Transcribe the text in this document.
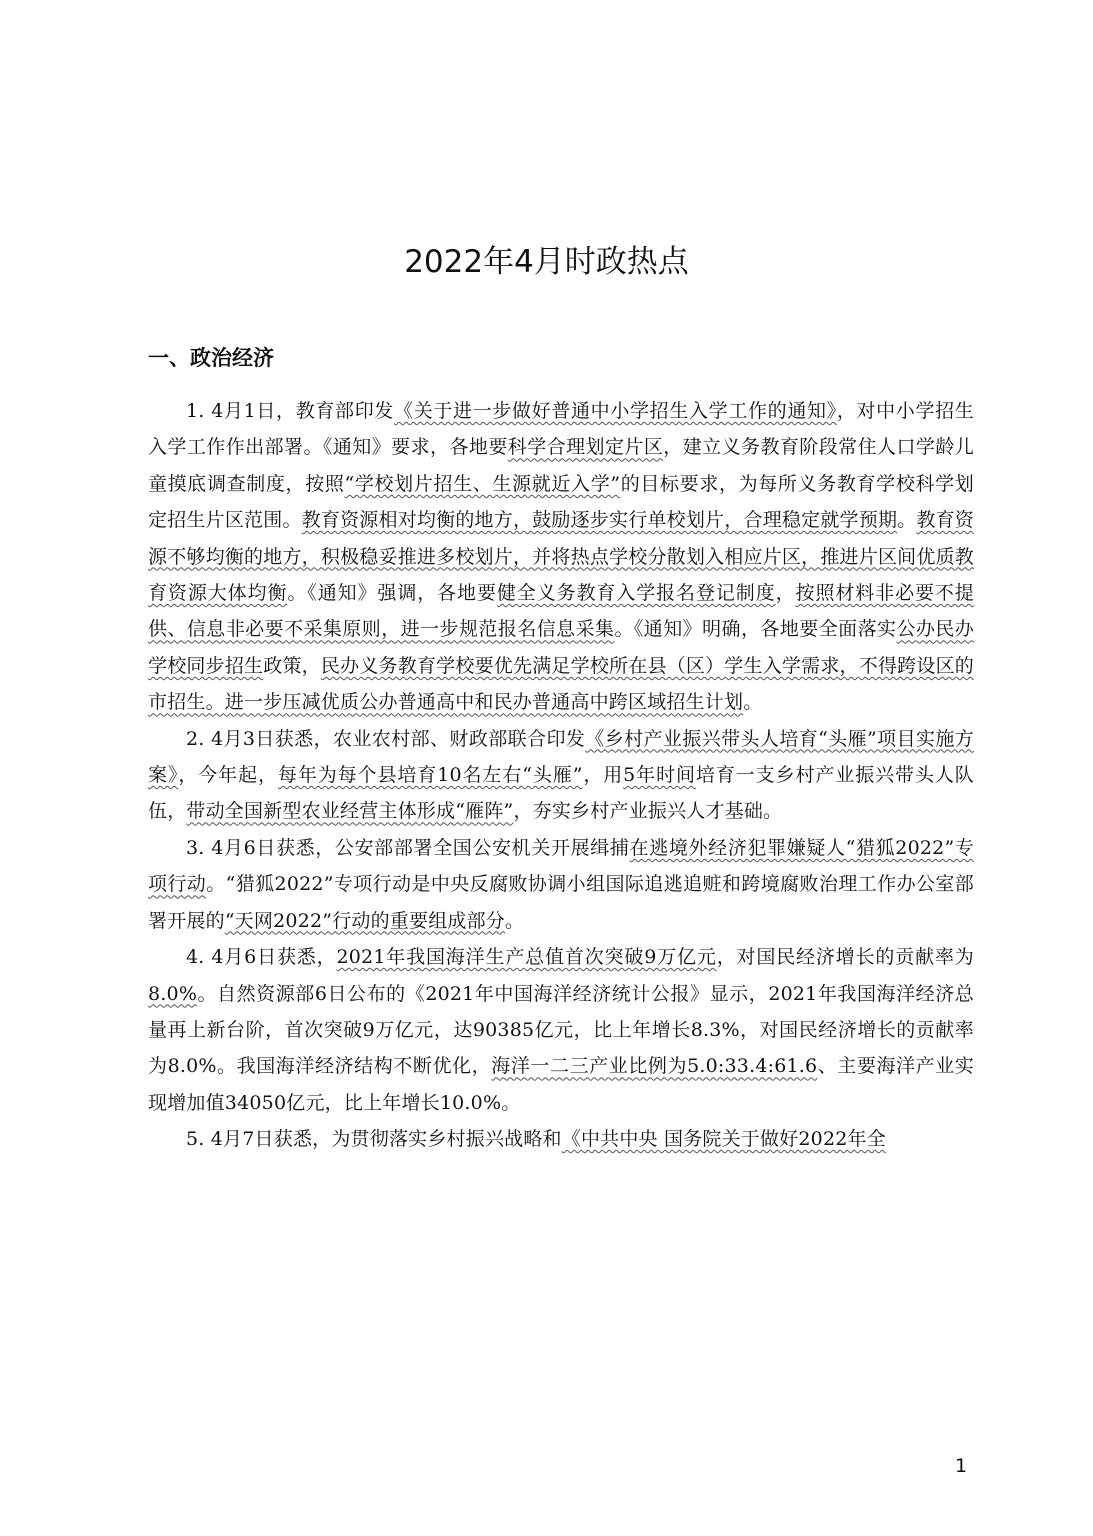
2022年4月时政热点
一、政治经济

1. 4月1日，教育部印发《关于进一步做好普通中小学招生入学工作的通知》，对中小学招生入学工作作出部署。《通知》要求，各地要科学合理划定片区，建立义务教育阶段常住人口学龄儿童摸底调查制度，按照“学校划片招生、生源就近入学”的目标要求，为每所义务教育学校科学划定招生片区范围。教育资源相对均衡的地方，鼓励逐步实行单校划片，合理稳定就学预期。教育资源不够均衡的地方，积极稳妥推进多校划片，并将热点学校分散划入相应片区，推进片区间优质教育资源大体均衡。《通知》强调，各地要健全义务教育入学报名登记制度，按照材料非必要不提供、信息非必要不采集原则，进一步规范报名信息采集。《通知》明确，各地要全面落实公办民办学校同步招生政策，民办义务教育学校要优先满足学校所在县（区）学生入学需求，不得跨设区的市招生。进一步压减优质公办普通高中和民办普通高中跨区域招生计划。

2. 4月3日获悉，农业农村部、财政部联合印发《乡村产业振兴带头人培育“头雁”项目实施方案》，今年起，每年为每个县培育10名左右“头雁”，用5年时间培育一支乡村产业振兴带头人队伍，带动全国新型农业经营主体形成“雁阵”，夯实乡村产业振兴人才基础。

3. 4月6日获悉，公安部部署全国公安机关开展缉捕在逃境外经济犯罪嫌疑人“猎狐2022”专项行动。“猎狐2022”专项行动是中央反腐败协调小组国际追逃追赃和跨境腐败治理工作办公室部署开展的“天网2022”行动的重要组成部分。

4. 4月6日获悉，2021年我国海洋生产总值首次突破9万亿元，对国民经济增长的贡献率为8.0%。自然资源部6日公布的《2021年中国海洋经济统计公报》显示，2021年我国海洋经济总量再上新台阶，首次突破9万亿元，达90385亿元，比上年增长8.3%，对国民经济增长的贡献率为8.0%。我国海洋经济结构不断优化，海洋一二三产业比例为5.0:33.4:61.6、主要海洋产业实现增加值34050亿元，比上年增长10.0%。

5. 4月7日获悉，为贯彻落实乡村振兴战略和《中共中央 国务院关于做好2022年全

1
